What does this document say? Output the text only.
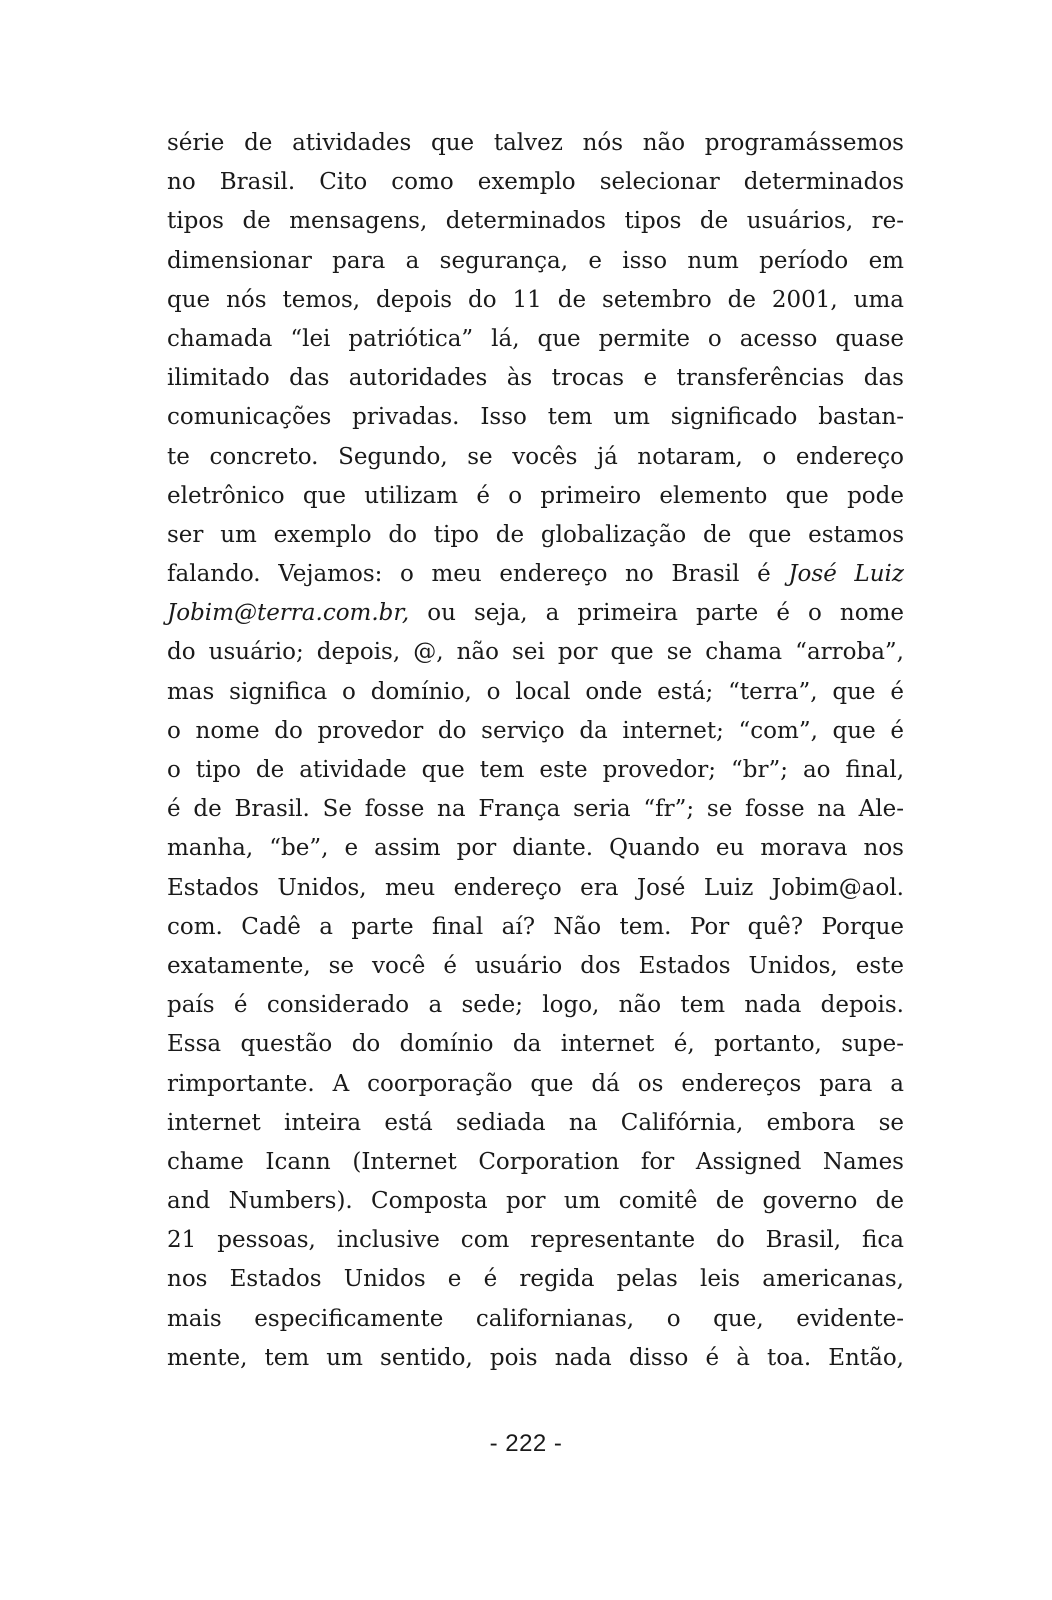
série de atividades que talvez nós não programássemos
no Brasil. Cito como exemplo selecionar determinados
tipos de mensagens, determinados tipos de usuários, re-
dimensionar para a segurança, e isso num período em
que nós temos, depois do 11 de setembro de 2001, uma
chamada “lei patriótica” lá, que permite o acesso quase
ilimitado das autoridades às trocas e transferências das
comunicações privadas. Isso tem um significado bastan-
te concreto. Segundo, se vocês já notaram, o endereço
eletrônico que utilizam é o primeiro elemento que pode
ser um exemplo do tipo de globalização de que estamos
falando. Vejamos: o meu endereço no Brasil é José Luiz
Jobim@terra.com.br, ou seja, a primeira parte é o nome
do usuário; depois, @, não sei por que se chama “arroba”,
mas significa o domínio, o local onde está; “terra”, que é
o nome do provedor do serviço da internet; “com”, que é
o tipo de atividade que tem este provedor; “br”; ao final,
é de Brasil. Se fosse na França seria “fr”; se fosse na Ale-
manha, “be”, e assim por diante. Quando eu morava nos
Estados Unidos, meu endereço era José Luiz Jobim@aol.
com. Cadê a parte final aí? Não tem. Por quê? Porque
exatamente, se você é usuário dos Estados Unidos, este
país é considerado a sede; logo, não tem nada depois.
Essa questão do domínio da internet é, portanto, supe-
rimportante. A coorporação que dá os endereços para a
internet inteira está sediada na Califórnia, embora se
chame Icann (Internet Corporation for Assigned Names
and Numbers). Composta por um comitê de governo de
21 pessoas, inclusive com representante do Brasil, fica
nos Estados Unidos e é regida pelas leis americanas,
mais especificamente californianas, o que, evidente-
mente, tem um sentido, pois nada disso é à toa. Então,
- 222 -
